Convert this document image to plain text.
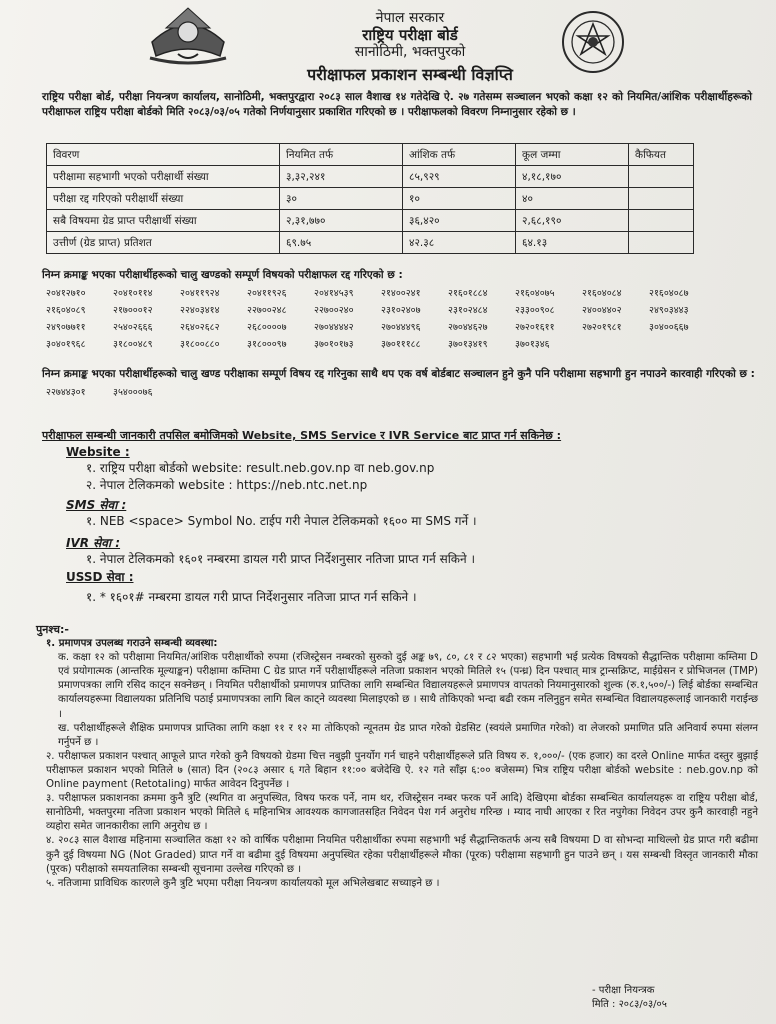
नेपाल सरकार
राष्ट्रिय परीक्षा बोर्ड
सानोठिमी, भक्तपुरको
परीक्षाफल प्रकाशन सम्बन्धी विज्ञप्ति
राष्ट्रिय परीक्षा बोर्ड, परीक्षा नियन्त्रण कार्यालय, सानोठिमी, भक्तपुरद्वारा २०८३ साल वैशाख १४ गतेदेखि ऐ. २७ गतेसम्म सञ्चालन भएको कक्षा १२ को नियमित/आंशिक परीक्षार्थीहरूको परीक्षाफल राष्ट्रिय परीक्षा बोर्डको मिति २०८३/०३/०५ गतेको निर्णयानुसार प्रकाशित गरिएको छ । परीक्षाफलको विवरण निम्नानुसार रहेको छ ।
विवरण	नियमित तर्फ	आंशिक तर्फ	कूल जम्मा	कैफियत
परीक्षामा सहभागी भएको परीक्षार्थी संख्या	३,३२,२४१	८५,९२९	४,१८,१७०	
परीक्षा रद्द गरिएको परीक्षार्थी संख्या	३०	१०	४०	
सबै विषयमा ग्रेड प्राप्त परीक्षार्थी संख्या	२,३१,७७०	३६,४२०	२,६८,१९०	
उत्तीर्ण (ग्रेड प्राप्त) प्रतिशत	६९.७५	४२.३८	६४.१३	
निम्न क्रमाङ्क भएका परीक्षार्थीहरूको चालु खण्डको सम्पूर्ण विषयको परीक्षाफल रद्द गरिएको छ :
२०४१२७१०	२०४१०११४	२०४११९२४	२०४११९२६	२०४१४५३९	२१४००२४१	२१६०१८८४	२१६०४०७५	२१६०४०८४	२१६०४०८७
२१६०४०८९	२१७०००१२	२२४०३४१४	२२७००२४८	२२७००२४०	२३१०२४०७	२३१०२४८४	२३३००९०८	२४००४४०२	२४९०३४४३
२४९०७७११	२५४०२६६६	२६४०२६८२	२६८००००७	२७०४४४४२	२७०४४४९६	२७०४४६२७	२७२०१६११	२७२०१९८१	३०४००६६७
३०४०१९६८	३१८००४८९	३१८००८८०	३१८०००९७	३७०१०१७३	३७०१११८८	३७०१३४१९	३७०१३४६
निम्न क्रमाङ्क भएका परीक्षार्थीहरूको चालु खण्ड परीक्षाका सम्पूर्ण विषय रद्द गरिनुका साथै थप एक वर्ष बोर्डबाट सञ्चालन हुने कुनै पनि परीक्षामा सहभागी हुन नपाउने कारवाही गरिएको छ :
२२७४४३०१	३५४०००७६
परीक्षाफल सम्बन्धी जानकारी तपसिल बमोजिमको Website, SMS Service र IVR Service बाट प्राप्त गर्न सकिनेछ :
Website :
१. राष्ट्रिय परीक्षा बोर्डको website: result.neb.gov.np वा neb.gov.np
२. नेपाल टेलिकमको website : https://neb.ntc.net.np
SMS सेवा :
१. NEB <space> Symbol No. टाईप गरी नेपाल टेलिकमको १६०० मा SMS गर्ने ।
IVR सेवा :
१. नेपाल टेलिकमको १६०१ नम्बरमा डायल गरी प्राप्त निर्देशनुसार नतिजा प्राप्त गर्न सकिने ।
USSD सेवा :
१. * १६०१# नम्बरमा डायल गरी प्राप्त निर्देशनुसार नतिजा प्राप्त गर्न सकिने ।
पुनश्च:-
१. प्रमाणपत्र उपलब्ध गराउने सम्बन्धी व्यवस्था:
क. कक्षा १२ को परीक्षामा नियमित/आंशिक परीक्षार्थीको रुपमा (रजिस्ट्रेसन नम्बरको सुरुको दुई अङ्क ७९, ८०, ८१ र ८२ भएका) सहभागी भई प्रत्येक विषयको सैद्धान्तिक परीक्षामा कम्तिमा D एवं प्रयोगात्मक (आन्तरिक मूल्याङ्कन) परीक्षामा कम्तिमा C ग्रेड प्राप्त गर्ने परीक्षार्थीहरूले नतिजा प्रकाशन भएको मितिले १५ (पन्ध्र) दिन पश्चात् मात्र ट्रान्सक्रिप्ट, माईग्रेसन र प्रोभिजनल (TMP) प्रमाणपत्रका लागि रसिद काट्न सक्नेछन् । नियमित परीक्षार्थीको प्रमाणपत्र प्राप्तिका लागि सम्बन्धित विद्यालयहरूले प्रमाणपत्र वापतको नियमानुसारको शुल्क (रु.१,५००/-) लिई बोर्डका सम्बन्धित कार्यालयहरूमा विद्यालयका प्रतिनिधि पठाई प्रमाणपत्रका लागि बिल काट्ने व्यवस्था मिलाइएको छ । साथै तोकिएको भन्दा बढी रकम नलिनुहुन समेत सम्बन्धित विद्यालयहरूलाई जानकारी गराईन्छ ।
ख. परीक्षार्थीहरूले शैक्षिक प्रमाणपत्र प्राप्तिका लागि कक्षा ११ र १२ मा तोकिएको न्यूनतम ग्रेड प्राप्त गरेको ग्रेडसिट (स्वयंले प्रमाणित गरेको) वा लेजरको प्रमाणित प्रति अनिवार्य रुपमा संलग्न गर्नुपर्ने छ ।
२. परीक्षाफल प्रकाशन पश्चात् आफूले प्राप्त गरेको कुनै विषयको ग्रेडमा चित्त नबुझी पुनर्योग गर्न चाहने परीक्षार्थीहरूले प्रति विषय रु. १,०००/- (एक हजार) का दरले Online मार्फत दस्तुर बुझाई परीक्षाफल प्रकाशन भएको मितिले ७ (सात) दिन (२०८३ असार ६ गते बिहान ११:०० बजेदेखि ऐ. १२ गते साँझ ६:०० बजेसम्म) भित्र राष्ट्रिय परीक्षा बोर्डको website : neb.gov.np को Online payment (Retotaling) मार्फत आवेदन दिनुपर्नेछ ।
३. परीक्षाफल प्रकाशनका क्रममा कुनै त्रुटि (स्थगित वा अनुपस्थित, विषय फरक पर्ने, नाम थर, रजिस्ट्रेसन नम्बर फरक पर्ने आदि) देखिएमा बोर्डका सम्बन्धित कार्यालयहरू वा राष्ट्रिय परीक्षा बोर्ड, सानोठिमी, भक्तपुरमा नतिजा प्रकाशन भएको मितिले ६ महिनाभित्र आवश्यक कागजातसहित निवेदन पेश गर्न अनुरोध गरिन्छ । म्याद नाघी आएका र रित नपुगेका निवेदन उपर कुनै कारवाही नहुने व्यहोरा समेत जानकारीका लागि अनुरोध छ ।
४. २०८३ साल वैशाख महिनामा सञ्चालित कक्षा १२ को वार्षिक परीक्षामा नियमित परीक्षार्थीका रुपमा सहभागी भई सैद्धान्तिकतर्फ अन्य सबै विषयमा D वा सोभन्दा माथिल्लो ग्रेड प्राप्त गरी बढीमा कुनै दुई विषयमा NG (Not Graded) प्राप्त गर्ने वा बढीमा दुई विषयमा अनुपस्थित रहेका परीक्षार्थीहरूले मौका (पूरक) परीक्षामा सहभागी हुन पाउने छन् । यस सम्बन्धी विस्तृत जानकारी मौका (पूरक) परीक्षाको समयतालिका सम्बन्धी सूचनामा उल्लेख गरिएको छ ।
५. नतिजामा प्राविधिक कारणले कुनै त्रुटि भएमा परीक्षा नियन्त्रण कार्यालयको मूल अभिलेखबाट सच्याइने छ ।
- परीक्षा नियन्त्रक
मिति : २०८३/०३/०५
